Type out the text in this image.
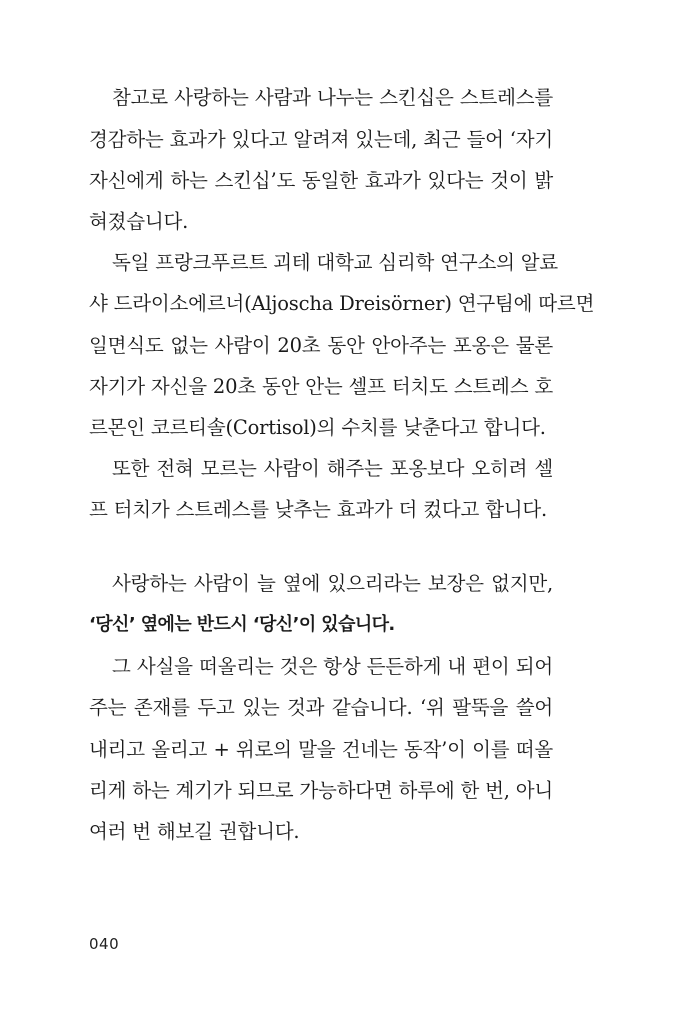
참고로 사랑하는 사람과 나누는 스킨십은 스트레스를
경감하는 효과가 있다고 알려져 있는데, 최근 들어 ‘자기
자신에게 하는 스킨십’도 동일한 효과가 있다는 것이 밝
혀졌습니다.
독일 프랑크푸르트 괴테 대학교 심리학 연구소의 알료
샤 드라이소에르너(Aljoscha Dreisörner) 연구팀에 따르면
일면식도 없는 사람이 20초 동안 안아주는 포옹은 물론
자기가 자신을 20초 동안 안는 셀프 터치도 스트레스 호
르몬인 코르티솔(Cortisol)의 수치를 낮춘다고 합니다.
또한 전혀 모르는 사람이 해주는 포옹보다 오히려 셀
프 터치가 스트레스를 낮추는 효과가 더 컸다고 합니다.
사랑하는 사람이 늘 옆에 있으리라는 보장은 없지만,
‘당신’ 옆에는 반드시 ‘당신’이 있습니다.
그 사실을 떠올리는 것은 항상 든든하게 내 편이 되어
주는 존재를 두고 있는 것과 같습니다. ‘위 팔뚝을 쓸어
내리고 올리고 + 위로의 말을 건네는 동작’이 이를 떠올
리게 하는 계기가 되므로 가능하다면 하루에 한 번, 아니
여러 번 해보길 권합니다.
040
